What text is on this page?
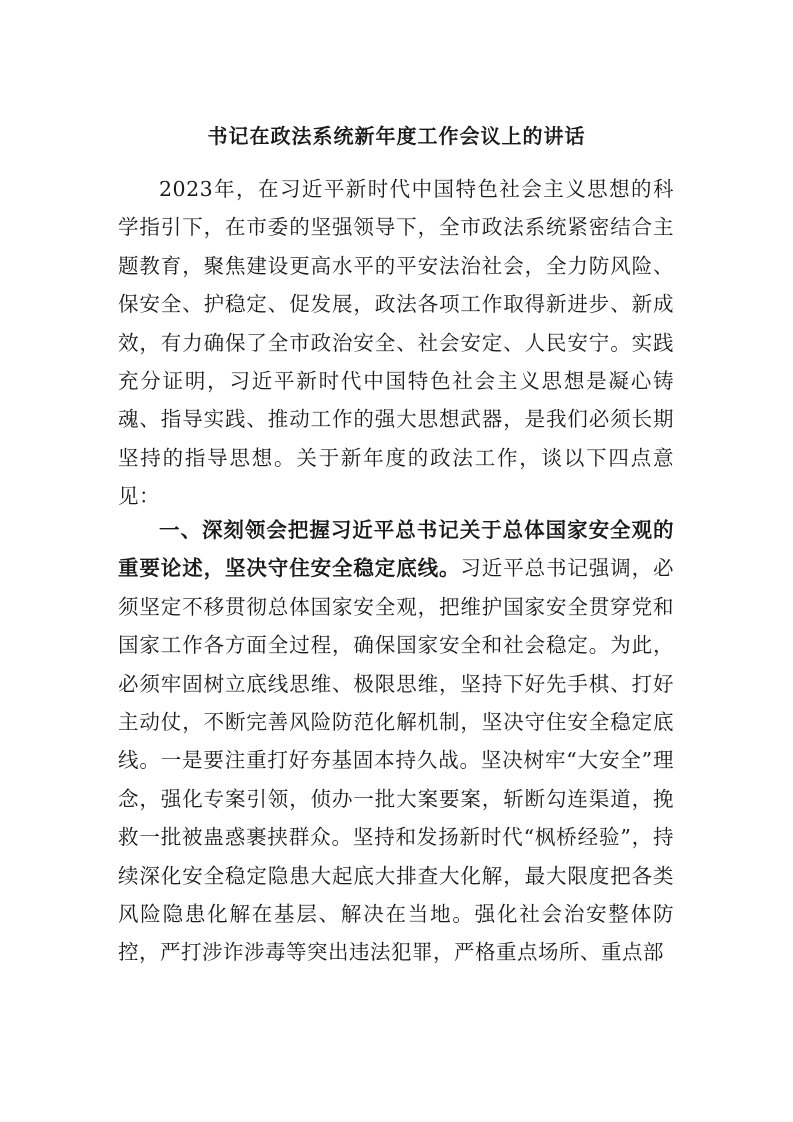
书记在政法系统新年度工作会议上的讲话

2023年，在习近平新时代中国特色社会主义思想的科学指引下，在市委的坚强领导下，全市政法系统紧密结合主题教育，聚焦建设更高水平的平安法治社会，全力防风险、保安全、护稳定、促发展，政法各项工作取得新进步、新成效，有力确保了全市政治安全、社会安定、人民安宁。实践充分证明，习近平新时代中国特色社会主义思想是凝心铸魂、指导实践、推动工作的强大思想武器，是我们必须长期坚持的指导思想。关于新年度的政法工作，谈以下四点意见：

一、深刻领会把握习近平总书记关于总体国家安全观的重要论述，坚决守住安全稳定底线。习近平总书记强调，必须坚定不移贯彻总体国家安全观，把维护国家安全贯穿党和国家工作各方面全过程，确保国家安全和社会稳定。为此，必须牢固树立底线思维、极限思维，坚持下好先手棋、打好主动仗，不断完善风险防范化解机制，坚决守住安全稳定底线。一是要注重打好夯基固本持久战。坚决树牢“大安全”理念，强化专案引领，侦办一批大案要案，斩断勾连渠道，挽救一批被蛊惑裹挟群众。坚持和发扬新时代“枫桥经验”，持续深化安全稳定隐患大起底大排查大化解，最大限度把各类风险隐患化解在基层、解决在当地。强化社会治安整体防控，严打涉诈涉毒等突出违法犯罪，严格重点场所、重点部
